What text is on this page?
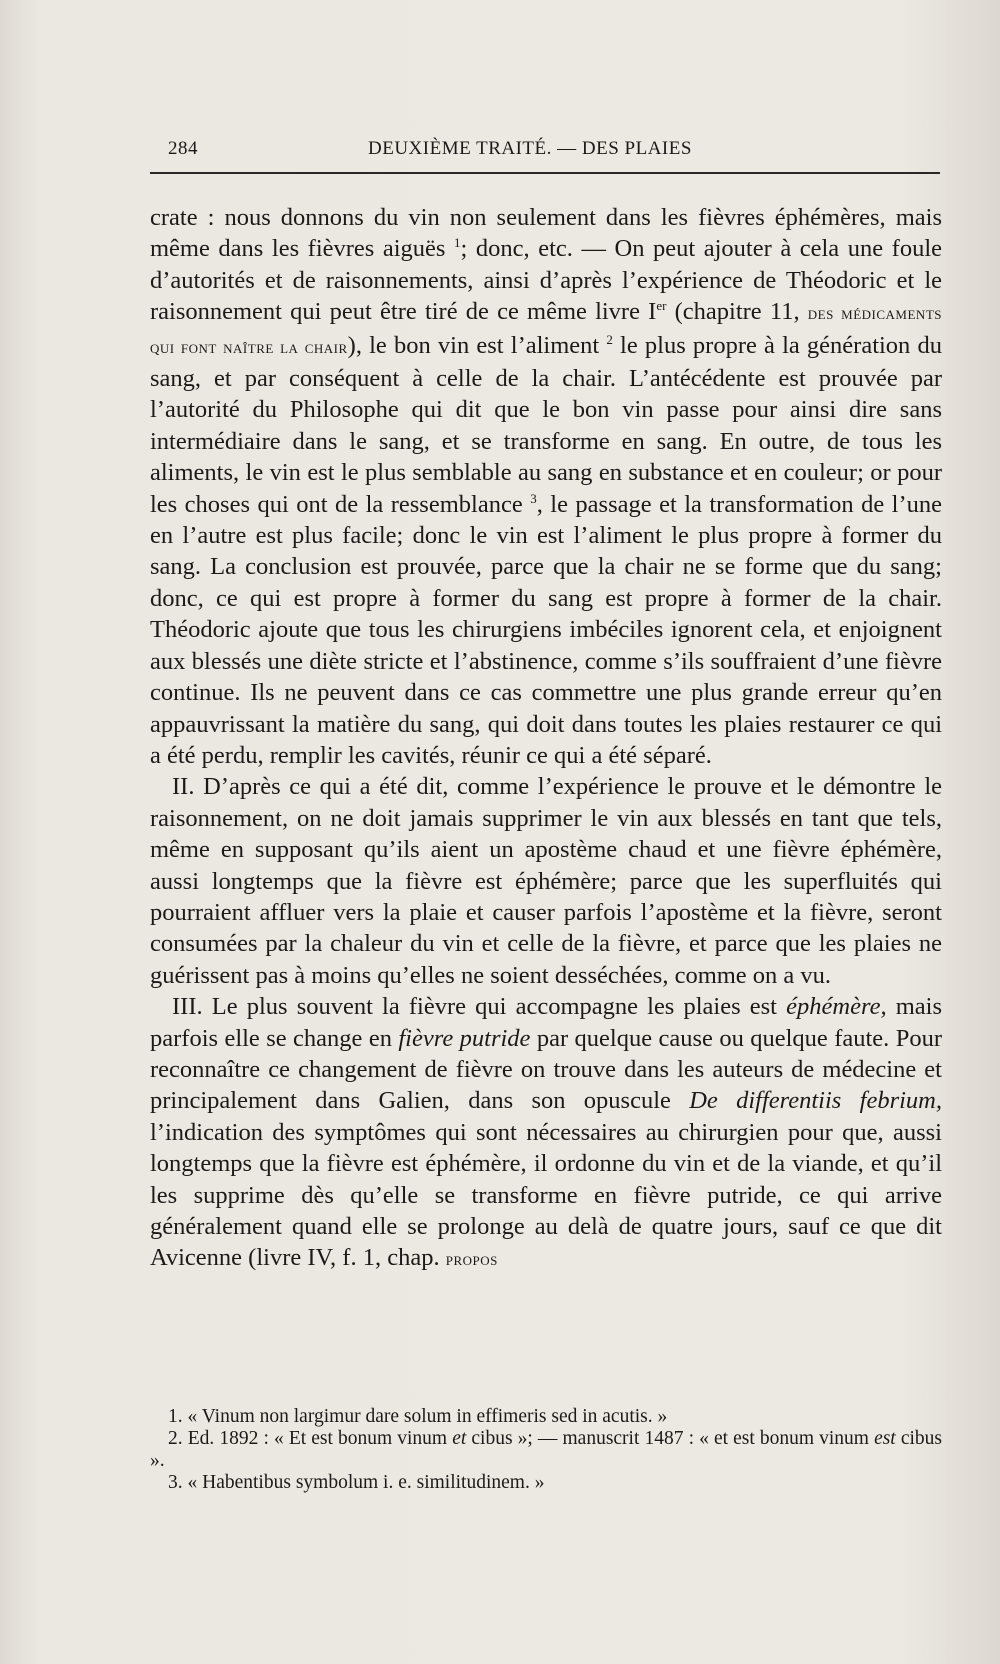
284	DEUXIÈME TRAITÉ. — DES PLAIES

crate : nous donnons du vin non seulement dans les fièvres éphémères, mais même dans les fièvres aiguës $^1$; donc, etc. — On peut ajouter à cela une foule d’autorités et de raisonnements, ainsi d’après l’expérience de Théodoric et le raisonnement qui peut être tiré de ce même livre Ier (chapitre 11, des médicaments qui font naître la chair), le bon vin est l’aliment $^2$ le plus propre à la génération du sang, et par conséquent à celle de la chair. L’antécédente est prouvée par l’autorité du Philosophe qui dit que le bon vin passe pour ainsi dire sans intermédiaire dans le sang, et se transforme en sang. En outre, de tous les aliments, le vin est le plus semblable au sang en substance et en couleur; or pour les choses qui ont de la ressemblance $^3$, le passage et la transformation de l’une en l’autre est plus facile; donc le vin est l’aliment le plus propre à former du sang. La conclusion est prouvée, parce que la chair ne se forme que du sang; donc, ce qui est propre à former du sang est propre à former de la chair. Théodoric ajoute que tous les chirurgiens imbéciles ignorent cela, et enjoignent aux blessés une diète stricte et l’abstinence, comme s’ils souffraient d’une fièvre continue. Ils ne peuvent dans ce cas commettre une plus grande erreur qu’en appauvrissant la matière du sang, qui doit dans toutes les plaies restaurer ce qui a été perdu, remplir les cavités, réunir ce qui a été séparé.

II. D’après ce qui a été dit, comme l’expérience le prouve et le démontre le raisonnement, on ne doit jamais supprimer le vin aux blessés en tant que tels, même en supposant qu’ils aient un apostème chaud et une fièvre éphémère, aussi longtemps que la fièvre est éphémère; parce que les superfluités qui pourraient affluer vers la plaie et causer parfois l’apostème et la fièvre, seront consumées par la chaleur du vin et celle de la fièvre, et parce que les plaies ne guérissent pas à moins qu’elles ne soient desséchées, comme on a vu.

III. Le plus souvent la fièvre qui accompagne les plaies est éphémère, mais parfois elle se change en fièvre putride par quelque cause ou quelque faute. Pour reconnaître ce changement de fièvre on trouve dans les auteurs de médecine et principalement dans Galien, dans son opuscule De differentiis febrium, l’indication des symptômes qui sont nécessaires au chirurgien pour que, aussi longtemps que la fièvre est éphémère, il ordonne du vin et de la viande, et qu’il les supprime dès qu’elle se transforme en fièvre putride, ce qui arrive généralement quand elle se prolonge au delà de quatre jours, sauf ce que dit Avicenne (livre IV, f. 1, chap. propos

1. « Vinum non largimur dare solum in effimeris sed in acutis. »

2. Ed. 1892 : « Et est bonum vinum et cibus »; — manuscrit 1487 : « et est bonum vinum est cibus ».

3. « Habentibus symbolum i. e. similitudinem. »
